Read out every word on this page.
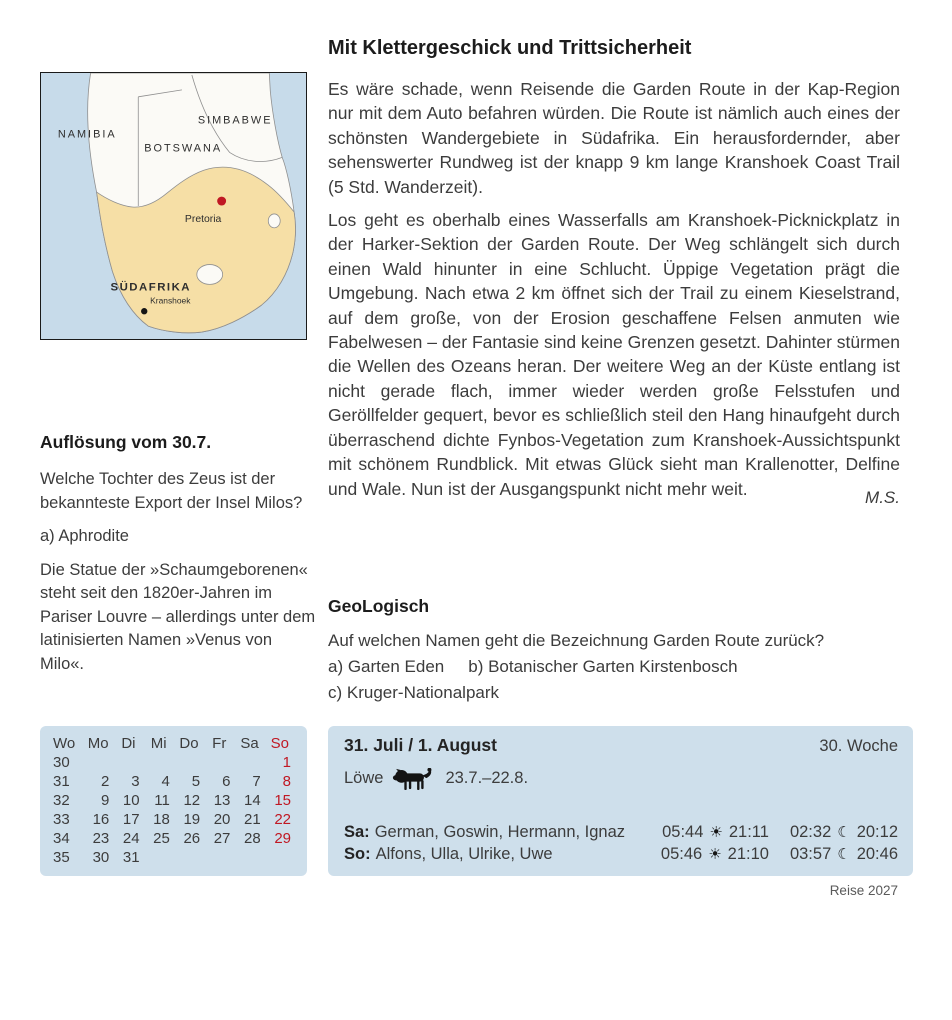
NAMIBIA
BOTSWANA
SIMBABWE
Pretoria
SÜDAFRIKA
Kranshoek
Mit Klettergeschick und Trittsicherheit

Es wäre schade, wenn Reisende die Garden Route in der Kap-Region nur mit dem Auto befahren würden. Die Route ist nämlich auch eines der schönsten Wandergebiete in Südafrika. Ein herausfordernder, aber sehenswerter Rundweg ist der knapp 9 km lange Kranshoek Coast Trail (5 Std. Wanderzeit).

Los geht es oberhalb eines Wasserfalls am Kranshoek-Picknickplatz in der Harker-Sektion der Garden Route. Der Weg schlängelt sich durch einen Wald hinunter in eine Schlucht. Üppige Vegetation prägt die Umgebung. Nach etwa 2 km öffnet sich der Trail zu einem Kieselstrand, auf dem große, von der Erosion geschaffene Felsen anmuten wie Fabelwesen – der Fantasie sind keine Grenzen gesetzt. Dahinter stürmen die Wellen des Ozeans heran. Der weitere Weg an der Küste entlang ist nicht gerade flach, immer wieder werden große Felsstufen und Geröllfelder gequert, bevor es schließlich steil den Hang hinaufgeht durch überraschend dichte Fynbos-Vegetation zum Kranshoek-Aussichtspunkt mit schönem Rundblick. Mit etwas Glück sieht man Krallenotter, Delfine und Wale. Nun ist der Ausgangspunkt nicht mehr weit.	M.S.
Auflösung vom 30.7.

Welche Tochter des Zeus ist der bekannteste Export der Insel Milos?

a) Aphrodite

Die Statue der »Schaumgeborenen« steht seit den 1820er-Jahren im Pariser Louvre – allerdings unter dem latinisierten Namen »Venus von Milo«.

GeoLogisch

Auf welchen Namen geht die Bezeichnung Garden Route zurück?

a) Garten Eden b) Botanischer Garten Kirstenbosch

c) Kruger-Nationalpark

Wo	Mo	Di	Mi	Do	Fr	Sa	So
30							1
31	2	3	4	5	6	7	8
32	9	10	11	12	13	14	15
33	16	17	18	19	20	21	22
34	23	24	25	26	27	28	29
35	30	31					
31. Juli / 1. August	30. Woche
Löwe	23.7.–22.8.
Sa: German, Goswin, Hermann, Ignaz 05:44 ☀ 21:11 02:32 ☾ 20:12
So: Alfons, Ulla, Ulrike, Uwe	05:46 ☀ 21:10 03:57 ☾ 20:46
Reise 2027
